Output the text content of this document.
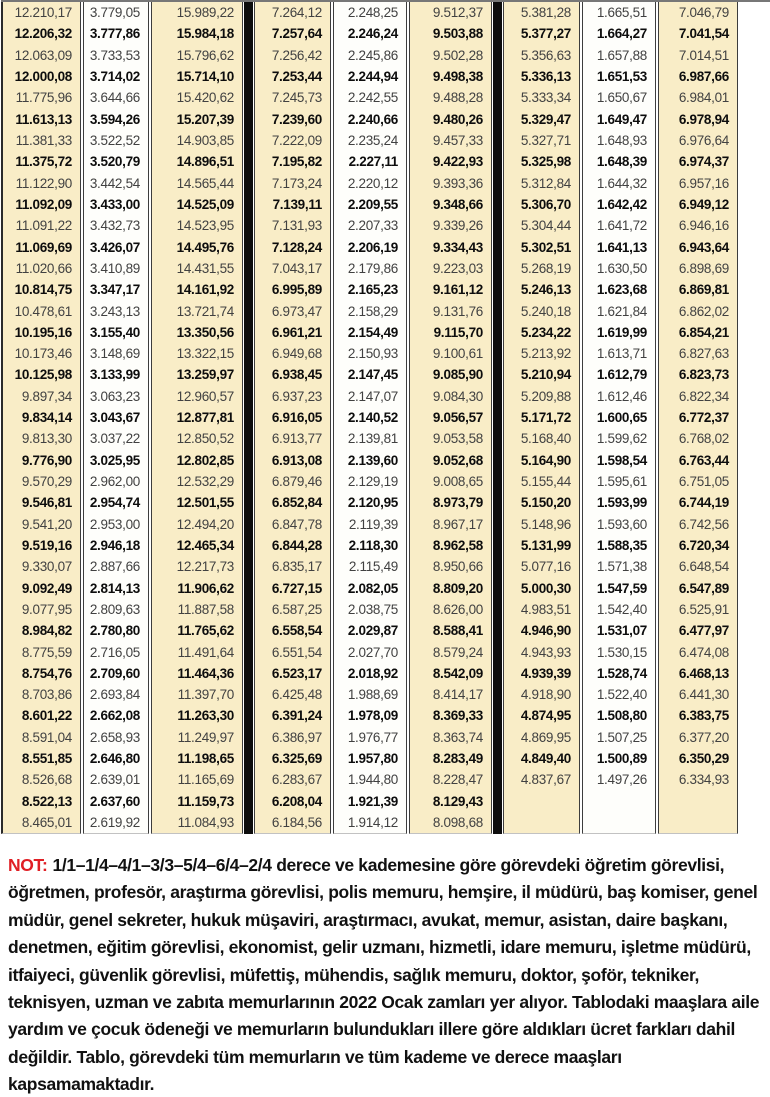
12.210,17
12.206,32
12.063,09
12.000,08
11.775,96
11.613,13
11.381,33
11.375,72
11.122,90
11.092,09
11.091,22
11.069,69
11.020,66
10.814,75
10.478,61
10.195,16
10.173,46
10.125,98
9.897,34
9.834,14
9.813,30
9.776,90
9.570,29
9.546,81
9.541,20
9.519,16
9.330,07
9.092,49
9.077,95
8.984,82
8.775,59
8.754,76
8.703,86
8.601,22
8.591,04
8.551,85
8.526,68
8.522,13
8.465,01
3.779,05
3.777,86
3.733,53
3.714,02
3.644,66
3.594,26
3.522,52
3.520,79
3.442,54
3.433,00
3.432,73
3.426,07
3.410,89
3.347,17
3.243,13
3.155,40
3.148,69
3.133,99
3.063,23
3.043,67
3.037,22
3.025,95
2.962,00
2.954,74
2.953,00
2.946,18
2.887,66
2.814,13
2.809,63
2.780,80
2.716,05
2.709,60
2.693,84
2.662,08
2.658,93
2.646,80
2.639,01
2.637,60
2.619,92
15.989,22
15.984,18
15.796,62
15.714,10
15.420,62
15.207,39
14.903,85
14.896,51
14.565,44
14.525,09
14.523,95
14.495,76
14.431,55
14.161,92
13.721,74
13.350,56
13.322,15
13.259,97
12.960,57
12.877,81
12.850,52
12.802,85
12.532,29
12.501,55
12.494,20
12.465,34
12.217,73
11.906,62
11.887,58
11.765,62
11.491,64
11.464,36
11.397,70
11.263,30
11.249,97
11.198,65
11.165,69
11.159,73
11.084,93
7.264,12
7.257,64
7.256,42
7.253,44
7.245,73
7.239,60
7.222,09
7.195,82
7.173,24
7.139,11
7.131,93
7.128,24
7.043,17
6.995,89
6.973,47
6.961,21
6.949,68
6.938,45
6.937,23
6.916,05
6.913,77
6.913,08
6.879,46
6.852,84
6.847,78
6.844,28
6.835,17
6.727,15
6.587,25
6.558,54
6.551,54
6.523,17
6.425,48
6.391,24
6.386,97
6.325,69
6.283,67
6.208,04
6.184,56
2.248,25
2.246,24
2.245,86
2.244,94
2.242,55
2.240,66
2.235,24
2.227,11
2.220,12
2.209,55
2.207,33
2.206,19
2.179,86
2.165,23
2.158,29
2.154,49
2.150,93
2.147,45
2.147,07
2.140,52
2.139,81
2.139,60
2.129,19
2.120,95
2.119,39
2.118,30
2.115,49
2.082,05
2.038,75
2.029,87
2.027,70
2.018,92
1.988,69
1.978,09
1.976,77
1.957,80
1.944,80
1.921,39
1.914,12
9.512,37
9.503,88
9.502,28
9.498,38
9.488,28
9.480,26
9.457,33
9.422,93
9.393,36
9.348,66
9.339,26
9.334,43
9.223,03
9.161,12
9.131,76
9.115,70
9.100,61
9.085,90
9.084,30
9.056,57
9.053,58
9.052,68
9.008,65
8.973,79
8.967,17
8.962,58
8.950,66
8.809,20
8.626,00
8.588,41
8.579,24
8.542,09
8.414,17
8.369,33
8.363,74
8.283,49
8.228,47
8.129,43
8.098,68
5.381,28
5.377,27
5.356,63
5.336,13
5.333,34
5.329,47
5.327,71
5.325,98
5.312,84
5.306,70
5.304,44
5.302,51
5.268,19
5.246,13
5.240,18
5.234,22
5.213,92
5.210,94
5.209,88
5.171,72
5.168,40
5.164,90
5.155,44
5.150,20
5.148,96
5.131,99
5.077,16
5.000,30
4.983,51
4.946,90
4.943,93
4.939,39
4.918,90
4.874,95
4.869,95
4.849,40
4.837,67
1.665,51
1.664,27
1.657,88
1.651,53
1.650,67
1.649,47
1.648,93
1.648,39
1.644,32
1.642,42
1.641,72
1.641,13
1.630,50
1.623,68
1.621,84
1.619,99
1.613,71
1.612,79
1.612,46
1.600,65
1.599,62
1.598,54
1.595,61
1.593,99
1.593,60
1.588,35
1.571,38
1.547,59
1.542,40
1.531,07
1.530,15
1.528,74
1.522,40
1.508,80
1.507,25
1.500,89
1.497,26
7.046,79
7.041,54
7.014,51
6.987,66
6.984,01
6.978,94
6.976,64
6.974,37
6.957,16
6.949,12
6.946,16
6.943,64
6.898,69
6.869,81
6.862,02
6.854,21
6.827,63
6.823,73
6.822,34
6.772,37
6.768,02
6.763,44
6.751,05
6.744,19
6.742,56
6.720,34
6.648,54
6.547,89
6.525,91
6.477,97
6.474,08
6.468,13
6.441,30
6.383,75
6.377,20
6.350,29
6.334,93

NOT: 1/1–1/4–4/1–3/3–5/4–6/4–2/4 derece ve kademesine göre görevdeki öğretim görevlisi, öğretmen, profesör, araştırma görevlisi, polis memuru, hemşire, il müdürü, baş komiser, genel müdür, genel sekreter, hukuk müşaviri, araştırmacı, avukat, memur, asistan, daire başkanı, denetmen, eğitim görevlisi, ekonomist, gelir uzmanı, hizmetli, idare memuru, işletme müdürü, itfaiyeci, güvenlik görevlisi, müfettiş, mühendis, sağlık memuru, doktor, şoför, tekniker, teknisyen, uzman ve zabıta memurlarının 2022 Ocak zamları yer alıyor. Tablodaki maaşlara aile yardım ve çocuk ödeneği ve memurların bulundukları illere göre aldıkları ücret farkları dahil değildir. Tablo, görevdeki tüm memurların ve tüm kademe ve derece maaşları kapsamamaktadır.
